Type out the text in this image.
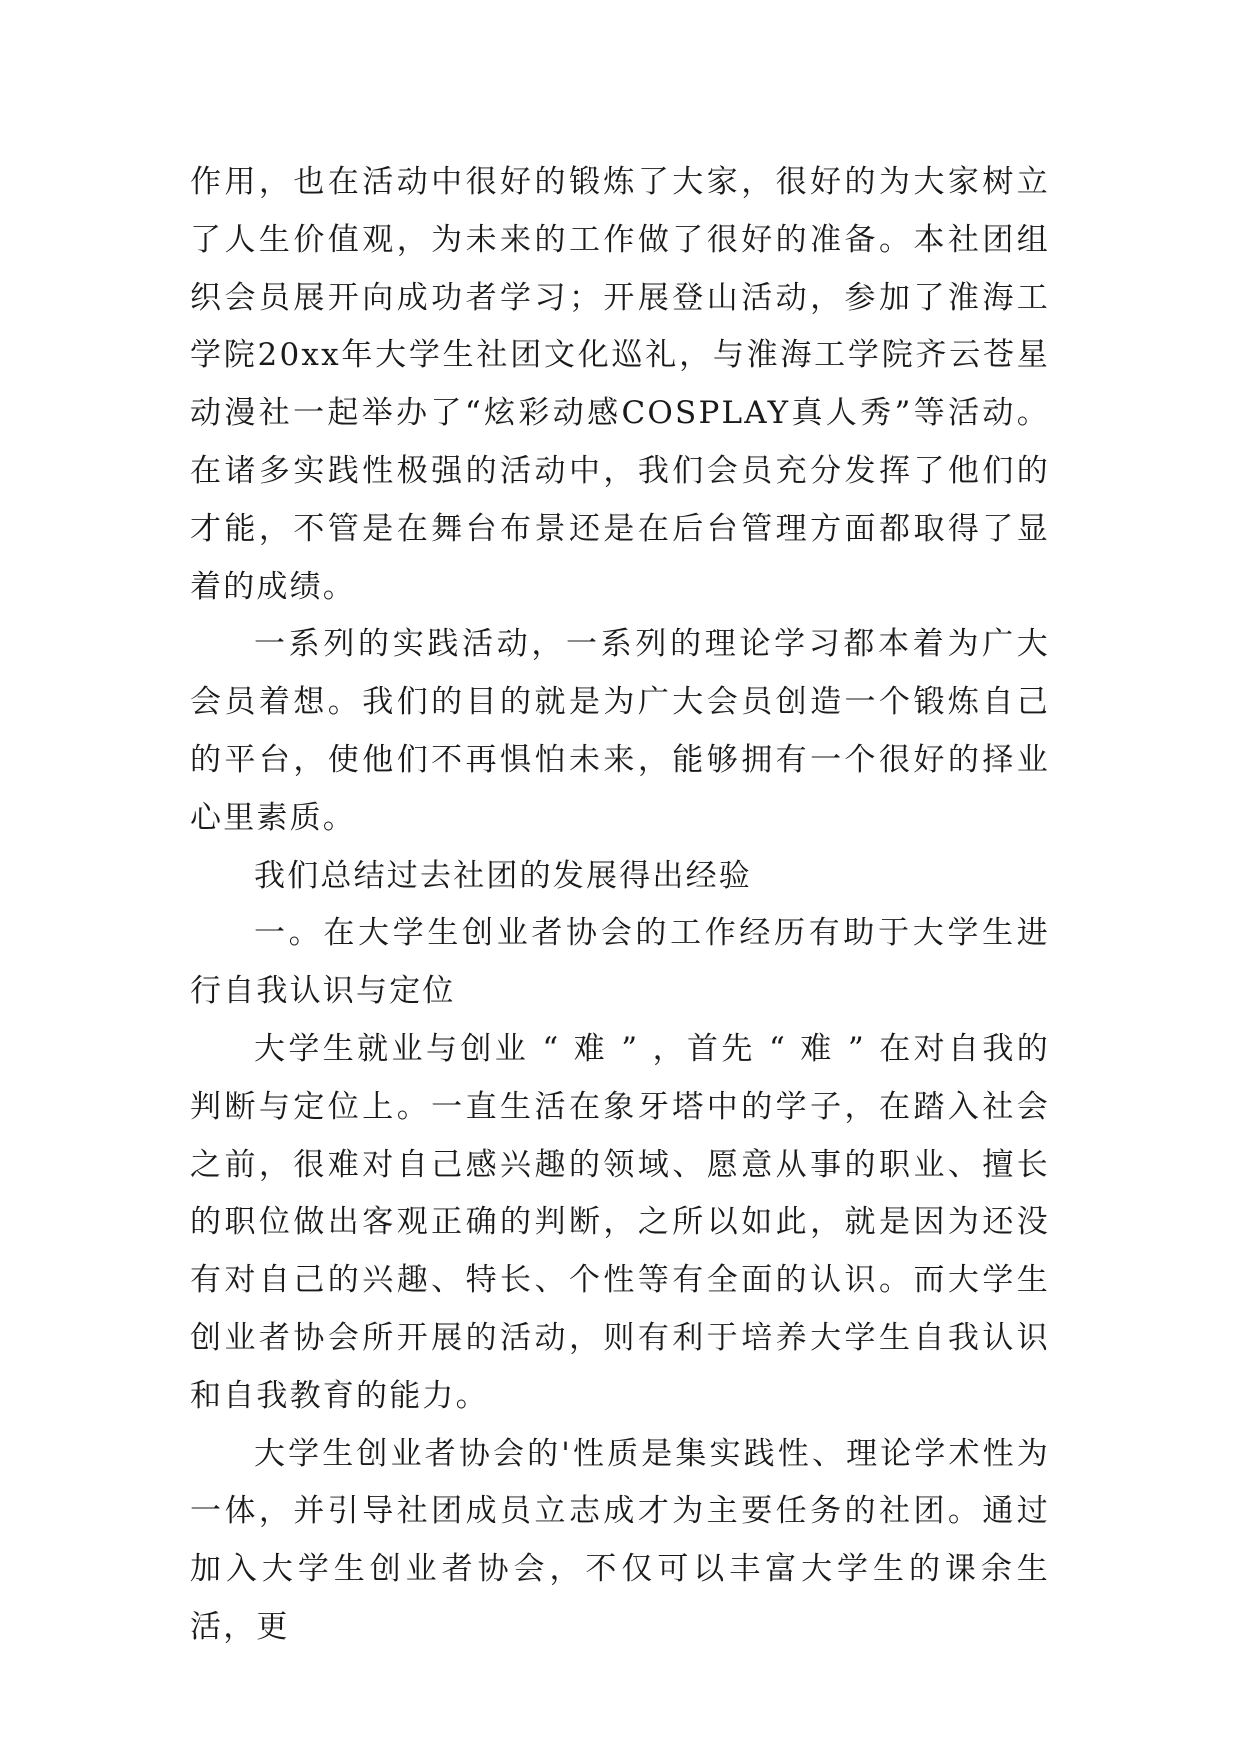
作用，也在活动中很好的锻炼了大家，很好的为大家树立了人生价值观，为未来的工作做了很好的准备。本社团组织会员展开向成功者学习；开展登山活动，参加了淮海工学院20xx年大学生社团文化巡礼，与淮海工学院齐云苍星动漫社一起举办了“炫彩动感COSPLAY真人秀”等活动。在诸多实践性极强的活动中，我们会员充分发挥了他们的才能，不管是在舞台布景还是在后台管理方面都取得了显着的成绩。

一系列的实践活动，一系列的理论学习都本着为广大会员着想。我们的目的就是为广大会员创造一个锻炼自己的平台，使他们不再惧怕未来，能够拥有一个很好的择业心里素质。

我们总结过去社团的发展得出经验

一。在大学生创业者协会的工作经历有助于大学生进行自我认识与定位

大学生就业与创业 “ 难 ” ，首先 “ 难 ” 在对自我的判断与定位上。一直生活在象牙塔中的学子，在踏入社会之前，很难对自己感兴趣的领域、愿意从事的职业、擅长的职位做出客观正确的判断，之所以如此，就是因为还没有对自己的兴趣、特长、个性等有全面的认识。而大学生创业者协会所开展的活动，则有利于培养大学生自我认识和自我教育的能力。

大学生创业者协会的'性质是集实践性、理论学术性为一体，并引导社团成员立志成才为主要任务的社团。通过加入大学生创业者协会，不仅可以丰富大学生的课余生活，更
